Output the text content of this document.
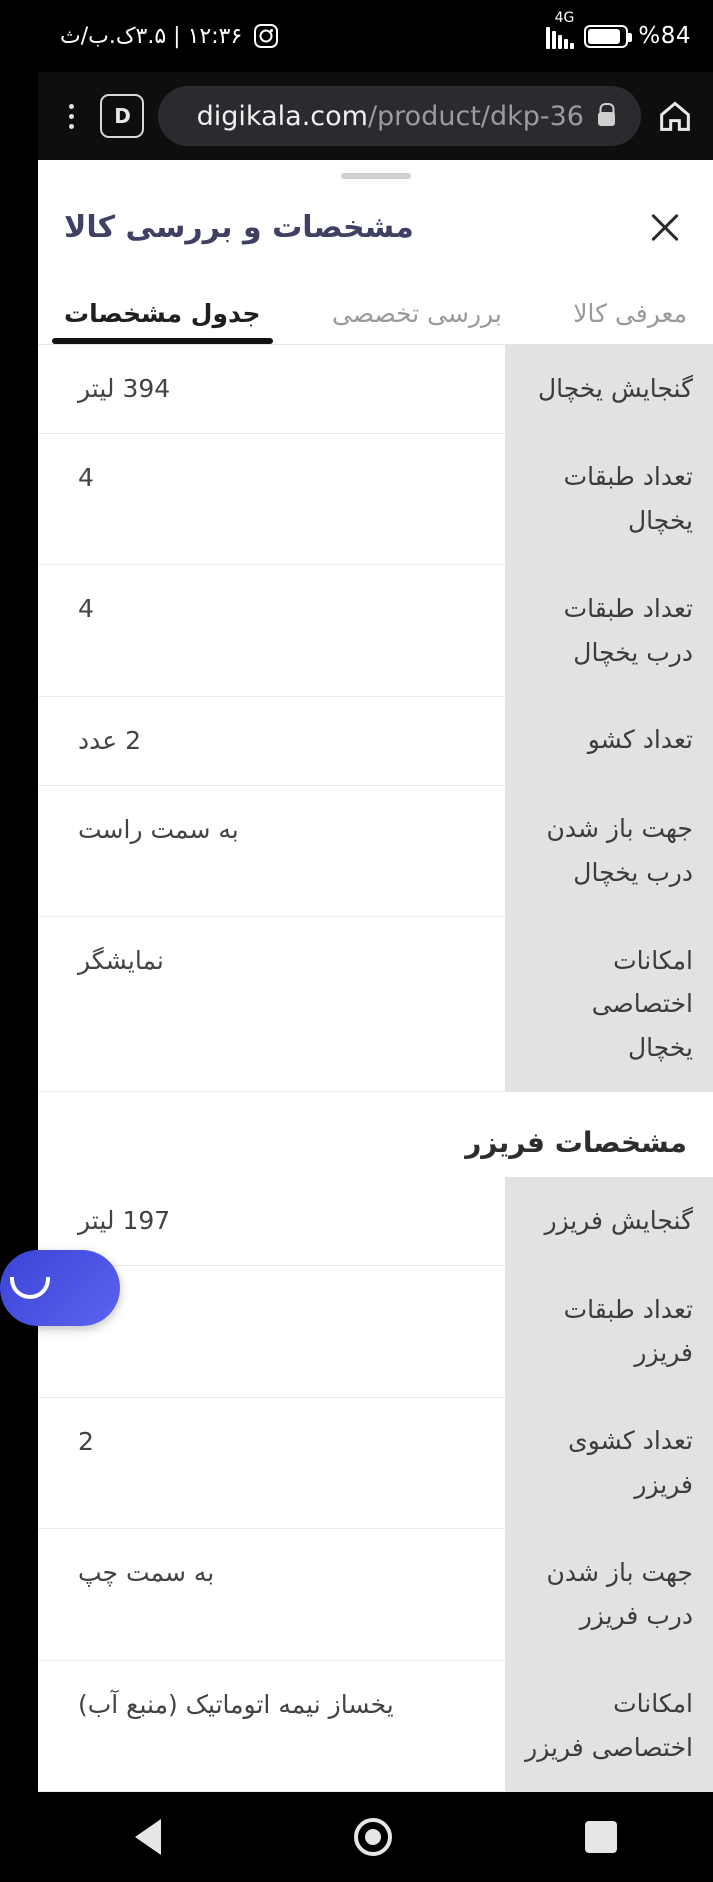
%84
4G
۱۲:۳۶ | ۳.۵ک.ب/ث
D	digikala.com/product/dkp-36
مشخصات و بررسی کالا
معرفی کالا
بررسی تخصصی
جدول مشخصات
گنجایش یخچال	394 لیتر
تعداد طبقات یخچال	4
تعداد طبقات درب یخچال	4
تعداد کشو	2 عدد
جهت باز شدن درب یخچال	به سمت راست
امکانات اختصاصی یخچال	نمایشگر
مشخصات فریزر
گنجایش فریزر	197 لیتر
تعداد طبقات فریزر	
تعداد کشوی فریزر	2
جهت باز شدن درب فریزر	به سمت چپ
امکانات اختصاصی فریزر	یخساز نیمه اتوماتیک (منبع آب)
